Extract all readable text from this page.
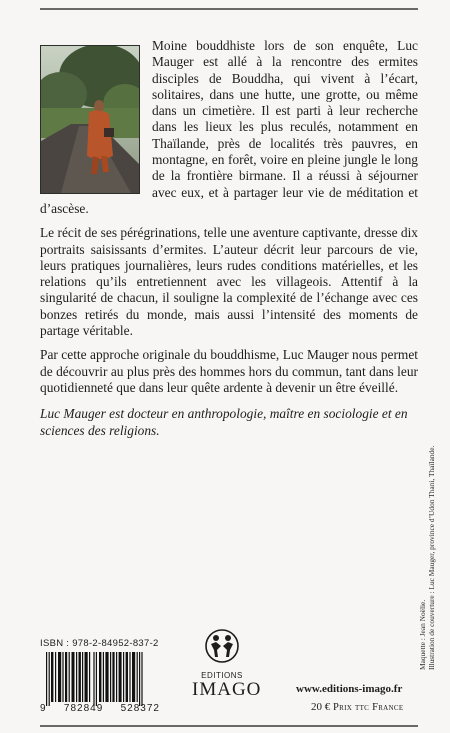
Moine bouddhiste lors de son enquête, Luc Mauger est allé à la rencontre des ermites disciples de Bouddha, qui vivent à l’écart, solitaires, dans une hutte, une grotte, ou même dans un cimetière. Il est parti à leur recherche dans les lieux les plus reculés, notamment en Thaïlande, près de localités très pauvres, en montagne, en forêt, voire en pleine jungle le long de la frontière birmane. Il a réussi à séjourner avec eux, et à partager leur vie de méditation et d’ascèse.

Le récit de ses pérégrinations, telle une aventure captivante, dresse dix portraits saisissants d’ermites. L’auteur décrit leur parcours de vie, leurs pratiques journalières, leurs rudes conditions matérielles, et les relations qu’ils entretiennent avec les villageois. Attentif à la singularité de chacun, il souligne la complexité de l’échange avec ces bonzes retirés du monde, mais aussi l’intensité des moments de partage véritable.

Par cette approche originale du bouddhisme, Luc Mauger nous permet de découvrir au plus près des hommes hors du commun, tant dans leur quotidienneté que dans leur quête ardente à devenir un être éveillé.

Luc Mauger est docteur en anthropologie, maître en sociologie et en sciences des religions.

ISBN : 978-2-84952-837-2
9 782849 528372
EDITIONS
IMAGO	www.editions-imago.fr
20 € Prix ttc France
Maquette : Jean Noëlie. Illustration de couverture : Luc Mauger, province d’Udon Thani, Thaïlande.
